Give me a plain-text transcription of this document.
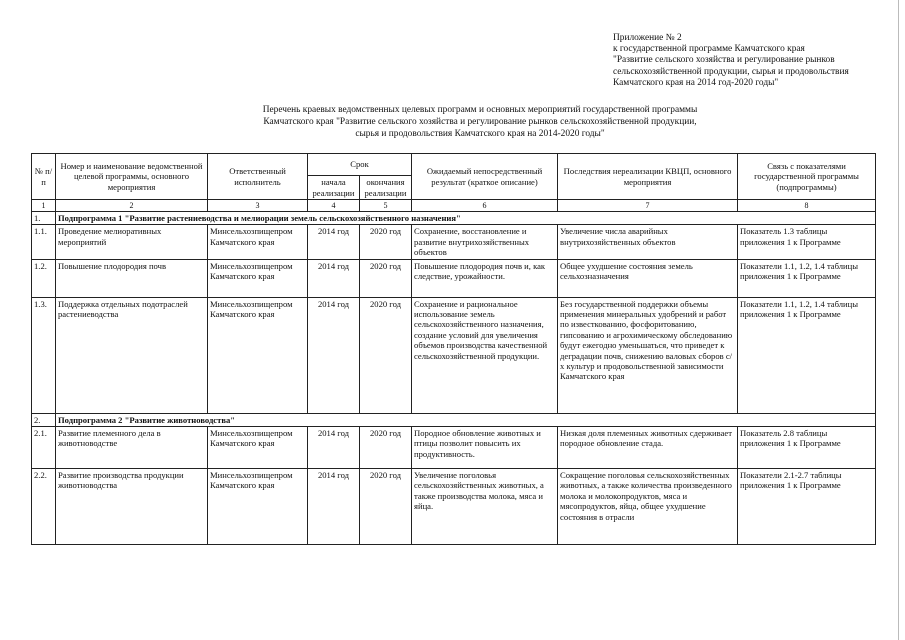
Приложение № 2
к государственной программе Камчатского края
"Развитие сельского хозяйства и регулирование рынков
сельскохозяйственной продукции, сырья и продовольствия
Камчатского края на 2014 год-2020 годы"
Перечень краевых ведомственных целевых программ и основных мероприятий государственной программы
Камчатского края "Развитие сельского хозяйства и регулирование рынков сельскохозяйственной продукции,
сырья и продовольствия Камчатского края на 2014-2020 годы"
№ п/п	Номер и наименование ведомственной целевой программы, основного мероприятия	Ответственный исполнитель	Срок		Ожидаемый непосредственный результат (краткое описание)	Последствия нереализации КВЦП, основного мероприятия	Связь с показателями государственной программы (подпрограммы)
			начала реализации	окончания реализации			
1	2	3	4	5	6	7	8
1.	Подпрограмма 1 "Развитие растениеводства и мелиорации земель сельскохозяйственного назначения"						
1.1.	Проведение мелиоративных мероприятий	Минсельхозпищепром Камчатского края	2014 год	2020 год	Сохранение, восстановление и развитие внутрихозяйственных объектов	Увеличение числа аварийных внутрихозяйственных объектов	Показатель 1.3 таблицы приложения 1 к Программе
1.2.	Повышение плодородия почв	Минсельхозпищепром Камчатского края	2014 год	2020 год	Повышение плодородия почв и, как следствие, урожайности.	Общее ухудшение состояния земель сельхозназначения	Показатели 1.1, 1.2, 1.4 таблицы приложения 1 к Программе
1.3.	Поддержка отдельных подотраслей растениеводства	Минсельхозпищепром Камчатского края	2014 год	2020 год	Сохранение и рациональное использование земель сельскохозяйственного назначения, создание условий для увеличения объемов производства качественной сельскохозяйственной продукции.	Без государственной поддержки объемы применения минеральных удобрений и работ по известкованию, фосфоритованию, гипсованию и агрохимическому обследованию будут ежегодно уменьшаться, что приведет к деградации почв, снижению валовых сборов с/х культур и продовольственной зависимости Камчатского края	Показатели 1.1, 1.2, 1.4 таблицы приложения 1 к Программе
2.	Подпрограмма 2 "Развитие животноводства"						
2.1.	Развитие племенного дела в животноводстве	Минсельхозпищепром Камчатского края	2014 год	2020 год	Породное обновление животных и птицы позволит повысить их продуктивность.	Низкая доля племенных животных сдерживает породное обновление стада.	Показатель 2.8 таблицы приложения 1 к Программе
2.2.	Развитие производства продукции животноводства	Минсельхозпищепром Камчатского края	2014 год	2020 год	Увеличение поголовья сельскохозяйственных животных, а также производства молока, мяса и яйца.	Сокращение поголовья сельскохозяйственных животных, а также количества произведенного молока и молокопродуктов, мяса и мясопродуктов, яйца, общее ухудшение состояния в отрасли	Показатели 2.1-2.7 таблицы приложения 1 к Программе
